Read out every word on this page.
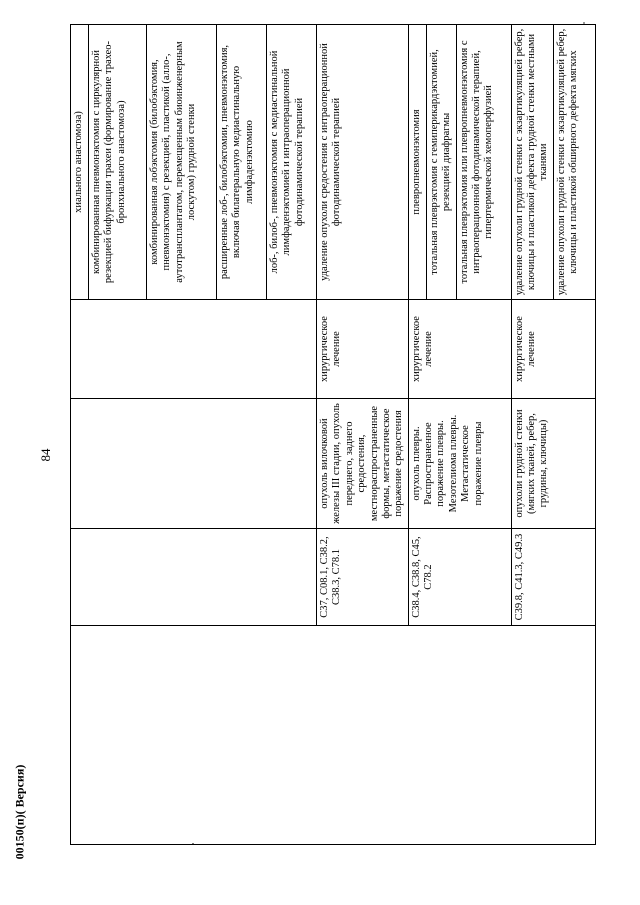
84
00150(п)( Версия)
				хиального анастомоза)
				комбинированная пневмонэктомия с циркулярной резекцией бифуркации трахеи (формирование трахео-бронхиального анастомоза)
				комбинированная лобэктомия (билобэктомия, пневмонэктомия) с резекцией, пластикой (алло-, аутотрансплантатом, перемещенным биоинженерным лоскутом) грудной стенки
				расширенные лоб-, билобэктомии, пневмонэктомия, включая билатеральную медиастинальную лимфаденэктомию
				лоб-, билоб-, пневмонэктомия с медиастинальной лимфаденэктомией и интраоперационной фотодинамической терапией
	C37, C08.1, C38.2, C38.3, C78.1	опухоль вилочковой железы III стадии, опухоль переднего, заднего средостения, местнораспространенные формы, метастатическое поражение средостения	хирургическое лечение	удаление опухоли средостения с интраоперационной фотодинамической терапией
	C38.4, C38.8, C45, C78.2	опухоль плевры. Распространенное поражение плевры. Мезотелиома плевры. Метастатическое поражение плевры	хирургическое лечение	плевропневмонэктомия
				тотальная плеврэктомия с гемиперикардэктомией, резекцией диафрагмы
				тотальная плеврэктомия или плевропневмонэктомия с интраоперационной фотодинамической терапией, гипертермической хемоперфузией
	C39.8, C41.3, C49.3	опухоли грудной стенки (мягких тканей, ребер, грудины, ключицы)	хирургическое лечение	удаление опухоли грудной стенки с экзартикуляцией ребер, ключицы и пластикой дефекта грудной стенки местными тканями
				удаление опухоли грудной стенки с экзартикуляцией ребер, ключицы и пластикой обширного дефекта мягких
